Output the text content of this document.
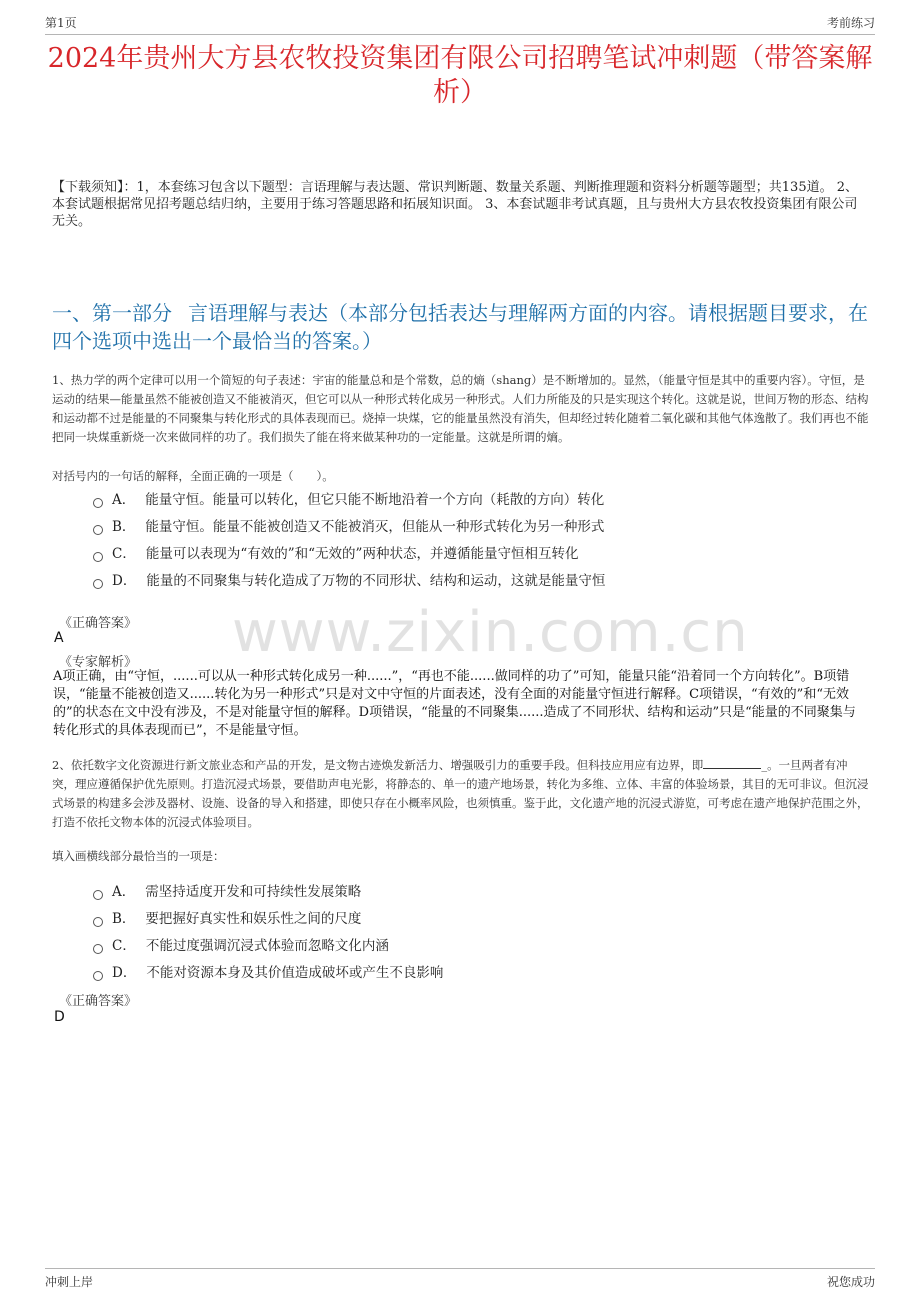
第1页	考前练习
2024年贵州大方县农牧投资集团有限公司招聘笔试冲刺题（带答案解析）
【下载须知】：1，本套练习包含以下题型：言语理解与表达题、常识判断题、数量关系题、判断推理题和资料分析题等题型；共135道。 2、本套试题根据常见招考题总结归纳，主要用于练习答题思路和拓展知识面。 3、本套试题非考试真题，且与贵州大方县农牧投资集团有限公司无关。
一、第一部分 言语理解与表达（本部分包括表达与理解两方面的内容。请根据题目要求，在四个选项中选出一个最恰当的答案。）
1、热力学的两个定律可以用一个简短的句子表述：宇宙的能量总和是个常数，总的熵（shang）是不断增加的。显然，（能量守恒是其中的重要内容）。守恒，是运动的结果—能量虽然不能被创造又不能被消灭，但它可以从一种形式转化成另一种形式。人们力所能及的只是实现这个转化。这就是说，世间万物的形态、结构和运动都不过是能量的不同聚集与转化形式的具体表现而已。烧掉一块煤，它的能量虽然没有消失，但却经过转化随着二氧化碳和其他气体逸散了。我们再也不能把同一块煤重新烧一次来做同样的功了。我们损失了能在将来做某种功的一定能量。这就是所谓的熵。
对括号内的一句话的解释，全面正确的一项是（　　）。
A． 能量守恒。能量可以转化，但它只能不断地沿着一个方向（耗散的方向）转化
B． 能量守恒。能量不能被创造又不能被消灭，但能从一种形式转化为另一种形式
C． 能量可以表现为“有效的”和“无效的”两种状态，并遵循能量守恒相互转化
D． 能量的不同聚集与转化造成了万物的不同形状、结构和运动，这就是能量守恒
《正确答案》
A	www.zixin.com.cn
《专家解析》
A项正确，由“守恒，......可以从一种形式转化成另一种......”，“再也不能......做同样的功了”可知，能量只能“沿着同一个方向转化”。B项错误，“能量不能被创造又......转化为另一种形式”只是对文中守恒的片面表述，没有全面的对能量守恒进行解释。C项错误，“有效的”和“无效的”的状态在文中没有涉及，不是对能量守恒的解释。D项错误，“能量的不同聚集......造成了不同形状、结构和运动”只是“能量的不同聚集与转化形式的具体表现而已”，不是能量守恒。
2、依托数字文化资源进行新文旅业态和产品的开发，是文物古迹焕发新活力、增强吸引力的重要手段。但科技应用应有边界，即	_。一旦两者有冲突，理应遵循保护优先原则。打造沉浸式场景，要借助声电光影，将静态的、单一的遗产地场景，转化为多维、立体、丰富的体验场景，其目的无可非议。但沉浸式场景的构建多会涉及器材、设施、设备的导入和搭建，即使只存在小概率风险，也须慎重。鉴于此，文化遗产地的沉浸式游览，可考虑在遗产地保护范围之外，打造不依托文物本体的沉浸式体验项目。
填入画横线部分最恰当的一项是：
A． 需坚持适度开发和可持续性发展策略
B． 要把握好真实性和娱乐性之间的尺度
C． 不能过度强调沉浸式体验而忽略文化内涵
D． 不能对资源本身及其价值造成破坏或产生不良影响
《正确答案》
D
冲刺上岸	祝您成功
